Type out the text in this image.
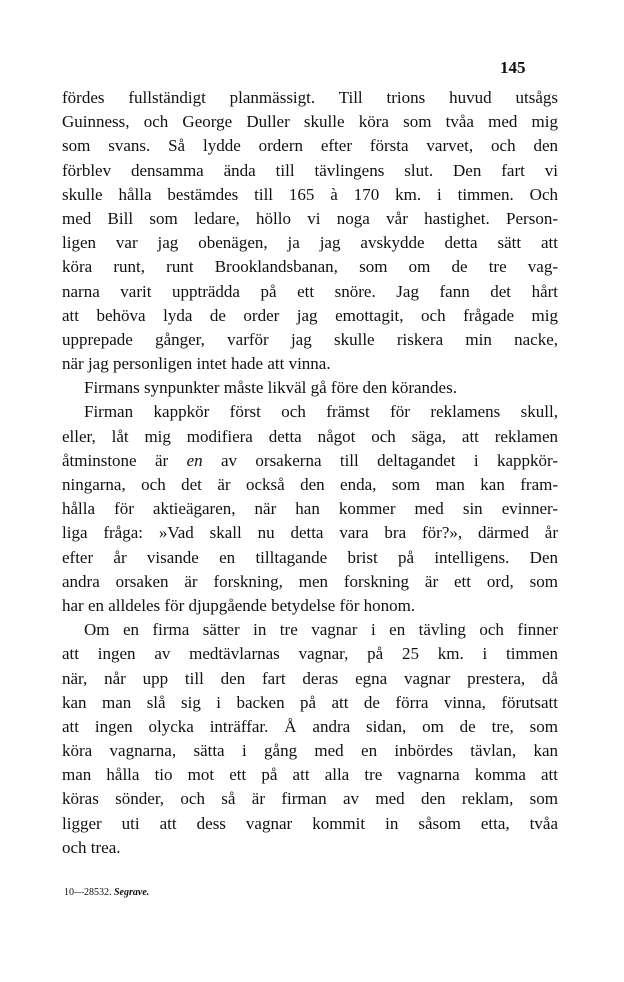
145
fördes fullständigt planmässigt. Till trions huvud utsågs
Guinness, och George Duller skulle köra som tvåa med mig
som svans. Så lydde ordern efter första varvet, och den
förblev densamma ända till tävlingens slut. Den fart vi
skulle hålla bestämdes till 165 à 170 km. i timmen. Och
med Bill som ledare, höllo vi noga vår hastighet. Person-
ligen var jag obenägen, ja jag avskydde detta sätt att
köra runt, runt Brooklandsbanan, som om de tre vag-
narna varit uppträdda på ett snöre. Jag fann det hårt
att behöva lyda de order jag emottagit, och frågade mig
upprepade gånger, varför jag skulle riskera min nacke,
när jag personligen intet hade att vinna.
Firmans synpunkter måste likväl gå före den körandes.
Firman kappkör först och främst för reklamens skull,
eller, låt mig modifiera detta något och säga, att reklamen
åtminstone är en av orsakerna till deltagandet i kappkör-
ningarna, och det är också den enda, som man kan fram-
hålla för aktieägaren, när han kommer med sin evinner-
liga fråga: »Vad skall nu detta vara bra för?», därmed år
efter år visande en tilltagande brist på intelligens. Den
andra orsaken är forskning, men forskning är ett ord, som
har en alldeles för djupgående betydelse för honom.
Om en firma sätter in tre vagnar i en tävling och finner
att ingen av medtävlarnas vagnar, på 25 km. i timmen
när, når upp till den fart deras egna vagnar prestera, då
kan man slå sig i backen på att de förra vinna, förutsatt
att ingen olycka inträffar. Å andra sidan, om de tre, som
köra vagnarna, sätta i gång med en inbördes tävlan, kan
man hålla tio mot ett på att alla tre vagnarna komma att
köras sönder, och så är firman av med den reklam, som
ligger uti att dess vagnar kommit in såsom etta, tvåa
och trea.
10—28532. Segrave.
